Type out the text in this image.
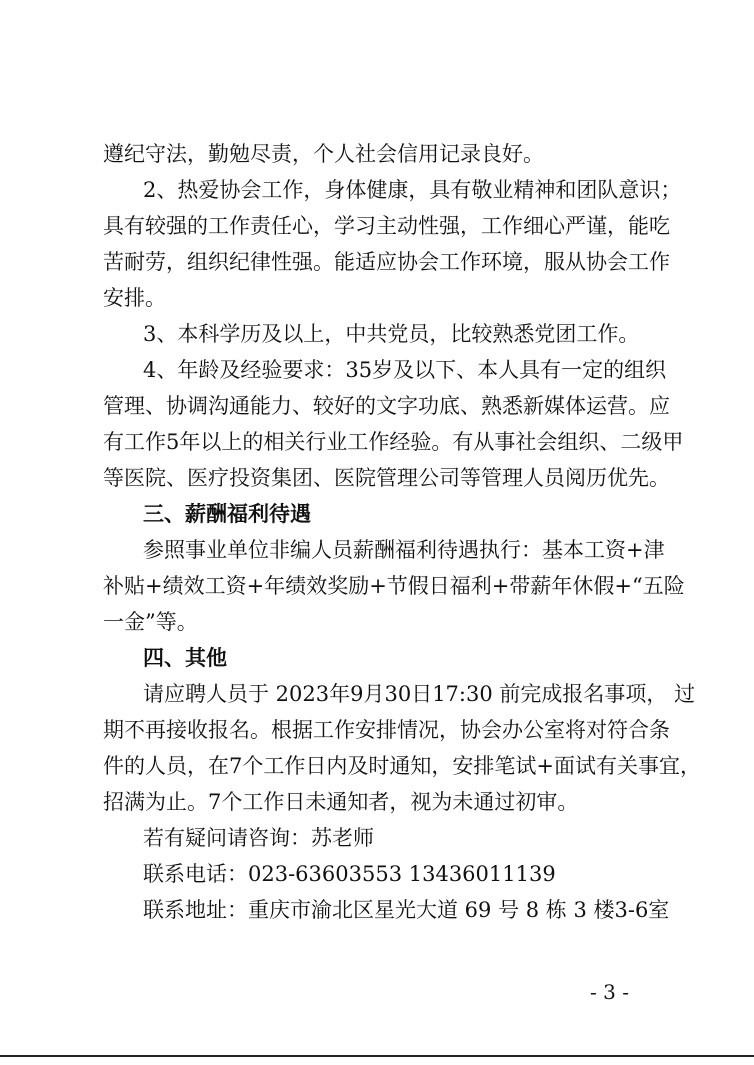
遵纪守法，勤勉尽责，个人社会信用记录良好。
2、热爱协会工作，身体健康，具有敬业精神和团队意识；
具有较强的工作责任心，学习主动性强，工作细心严谨，能吃
苦耐劳，组织纪律性强。能适应协会工作环境，服从协会工作
安排。
3、本科学历及以上，中共党员，比较熟悉党团工作。
4、年龄及经验要求：35岁及以下、本人具有一定的组织
管理、协调沟通能力、较好的文字功底、熟悉新媒体运营。应
有工作5年以上的相关行业工作经验。有从事社会组织、二级甲
等医院、医疗投资集团、医院管理公司等管理人员阅历优先。
三、薪酬福利待遇
参照事业单位非编人员薪酬福利待遇执行：基本工资+津
补贴+绩效工资+年绩效奖励+节假日福利+带薪年休假+“五险
一金”等。
四、其他
请应聘人员于 2023年9月30日17:30 前完成报名事项， 过
期不再接收报名。根据工作安排情况，协会办公室将对符合条
件的人员，在7个工作日内及时通知，安排笔试+面试有关事宜，
招满为止。7个工作日未通知者，视为未通过初审。
若有疑问请咨询：苏老师
联系电话：023-63603553 13436011139
联系地址：重庆市渝北区星光大道 69 号 8 栋 3 楼3-6室
- 3 -
